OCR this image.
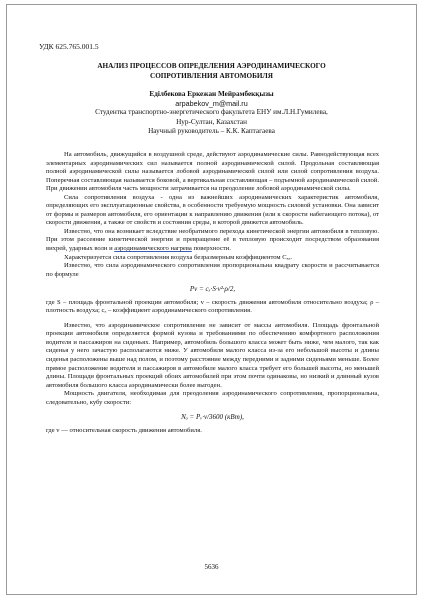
УДК 625.765.001.5
АНАЛИЗ ПРОЦЕССОВ ОПРЕДЕЛЕНИЯ АЭРОДИНАМИЧЕСКОГО
СОПРОТИВЛЕНИЯ АВТОМОБИЛЯ
Еділбекова Еркежан Мейрамбекқызы
arpabekov_m@mail.ru
Студентка транспортно-энергетического факультета ЕНУ им.Л.Н.Гумилева,
Нур-Султан, Казахстан
Научный руководитель – К.К. Каптагаева

На автомобиль, движущийся в воздушной среде, действуют аэродинамические силы. Равнодействующая всех элементарных аэродинамических сил называется полной аэродинамической силой. Продольная составляющая полной аэродинамической силы называется лобовой аэродинамической силой или силой сопротивления воздуха. Поперечная составляющая называется боковой, а вертикальная составляющая – подъемной аэродинамической силой. При движении автомобиля часть мощности затрачивается на преодоление лобовой аэродинамической силы.

Сила сопротивления воздуха - одна из важнейших аэродинамических характеристик автомобиля, определяющих его эксплуатационные свойства, в особенности требуемую мощность силовой установки. Она зависит от формы и размеров автомобиля, его ориентации к направлению движения (или к скорости набегающего потока), от скорости движения, а также от свойств и состояния среды, в которой движется автомобиль.

Известно, что она возникает вследствие необратимого перехода кинетической энергии автомобиля в тепловую. При этом рассеяние кинетической энергии и превращение её в тепловую происходит посредством образования вихрей, ударных волн и аэродинамического нагрева поверхности.

Характеризуется сила сопротивления воздуха безразмерным коэффициентом Cₓₐ.

Известно, что сила аэродинамического сопротивления пропорциональна квадрату скорости и рассчитывается по формуле

Pv = cₓ·S·v²·ρ/2,

где S – площадь фронтальной проекции автомобиля; v – скорость движения автомобиля относительно воздуха; ρ – плотность воздуха; cₓ – коэффициент аэродинамического сопротивления.

Известно, что аэродинамическое сопротивление не зависит от массы автомобиля. Площадь фронтальной проекции автомобиля определяется формой кузова и требованиями по обеспечению комфортного расположения водителя и пассажиров на сиденьях. Например, автомобиль большого класса может быть ниже, чем малого, так как сиденья у него зачастую располагаются ниже. У автомобиля малого класса из-за его небольшой высоты и длины сиденья расположены выше над полом, и поэтому расстояние между передними и задними сиденьями меньше. Более прямое расположение водителя и пассажиров в автомобиле малого класса требует его большей высоты, но меньшей длины. Площади фронтальных проекций обоих автомобилей при этом почти одинаковы, но низкий и длинный кузов автомобиля большого класса аэродинамически более выгоден.

Мощность двигателя, необходимая для преодоления аэродинамического сопротивления, пропорциональна, следовательно, кубу скорости:

Nₐ = Pᵥ·v/3600 (кВт),

где v — относительная скорость движения автомобиля.

5636
